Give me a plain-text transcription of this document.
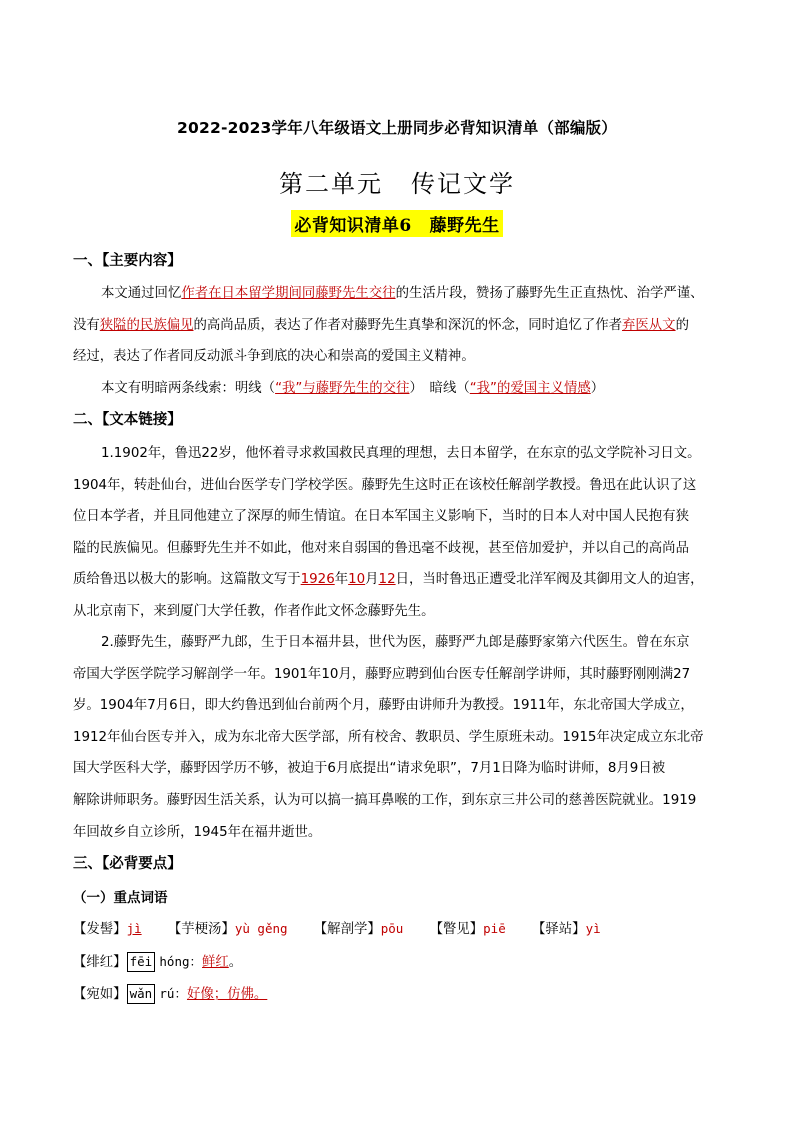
2022-2023学年八年级语文上册同步必背知识清单（部编版）
第二单元 传记文学
必背知识清单6 藤野先生
一、【主要内容】
本文通过回忆作者在日本留学期间同藤野先生交往的生活片段，赞扬了藤野先生正直热忱、治学严谨、
没有狭隘的民族偏见的高尚品质，表达了作者对藤野先生真挚和深沉的怀念，同时追忆了作者弃医从文的
经过，表达了作者同反动派斗争到底的决心和崇高的爱国主义精神。
本文有明暗两条线索：明线（“我”与藤野先生的交往）　暗线（“我”的爱国主义情感）
二、【文本链接】
1.1902年，鲁迅22岁，他怀着寻求救国救民真理的理想，去日本留学，在东京的弘文学院补习日文。
1904年，转赴仙台，进仙台医学专门学校学医。藤野先生这时正在该校任解剖学教授。鲁迅在此认识了这
位日本学者，并且同他建立了深厚的师生情谊。在日本军国主义影响下，当时的日本人对中国人民抱有狭
隘的民族偏见。但藤野先生并不如此，他对来自弱国的鲁迅毫不歧视，甚至倍加爱护，并以自己的高尚品
质给鲁迅以极大的影响。这篇散文写于1926年10月12日，当时鲁迅正遭受北洋军阀及其御用文人的迫害，
从北京南下，来到厦门大学任教，作者作此文怀念藤野先生。
2.藤野先生，藤野严九郎，生于日本福井县，世代为医，藤野严九郎是藤野家第六代医生。曾在东京
帝国大学医学院学习解剖学一年。1901年10月，藤野应聘到仙台医专任解剖学讲师，其时藤野刚刚满27
岁。1904年7月6日，即大约鲁迅到仙台前两个月，藤野由讲师升为教授。1911年，东北帝国大学成立，
1912年仙台医专并入，成为东北帝大医学部，所有校舍、教职员、学生原班未动。1915年决定成立东北帝
国大学医科大学，藤野因学历不够，被迫于6月底提出“请求免职”，7月1日降为临时讲师，8月9日被
解除讲师职务。藤野因生活关系，认为可以搞一搞耳鼻喉的工作，到东京三井公司的慈善医院就业。1919
年回故乡自立诊所，1945年在福井逝世。
三、【必背要点】
（一）重点词语
【发髻】jì 【芋梗汤】yù gěng 【解剖学】pōu 【瞥见】piē 【驿站】yì
【绯红】 fēi hóng：鲜红。
【宛如】 wǎn rú：好像；仿佛。
